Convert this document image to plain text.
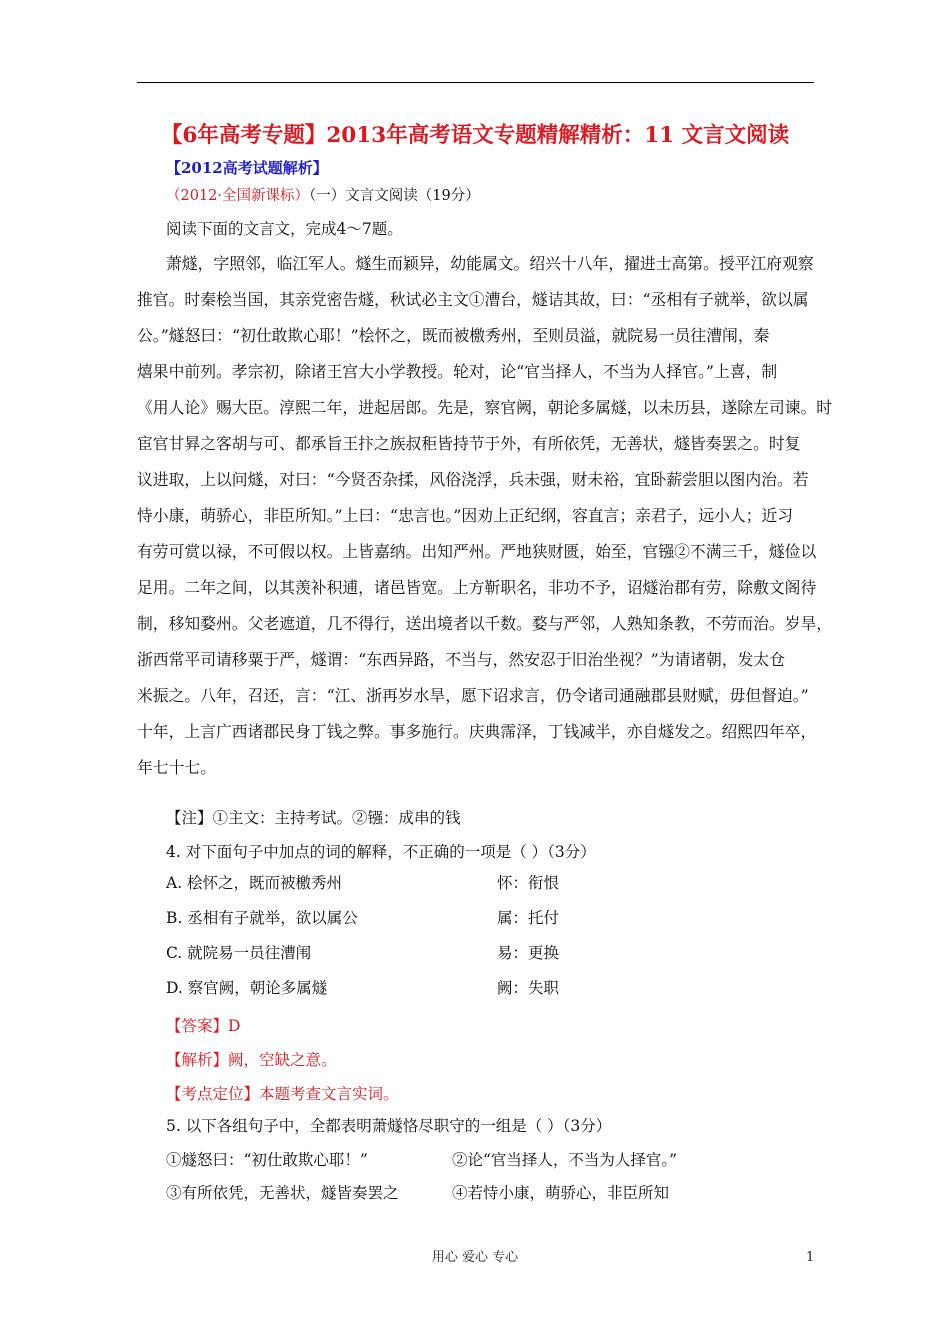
【6年高考专题】2013年高考语文专题精解精析：11 文言文阅读
【2012高考试题解析】
（2012·全国新课标）（一）文言文阅读（19分）
阅读下面的文言文，完成4～7题。
萧燧，字照邻，临江军人。燧生而颖异，幼能属文。绍兴十八年，擢进士高第。授平江府观察
推官。时秦桧当国，其亲党密告燧，秋试必主文①漕台，燧诘其故，曰：“丞相有子就举，欲以属
公。”燧怒曰：“初仕敢欺心耶！”桧怀之，既而被檄秀州，至则员溢，就院易一员往漕闱，秦
熺果中前列。孝宗初，除诸王宫大小学教授。轮对，论“官当择人，不当为人择官。”上喜，制
《用人论》赐大臣。淳熙二年，进起居郎。先是，察官阙，朝论多属燧，以未历县，遂除左司谏。时
宦官甘昪之客胡与可、都承旨王抃之族叔秬皆持节于外，有所依凭，无善状，燧皆奏罢之。时复
议进取，上以问燧，对曰：“今贤否杂揉，风俗浇浮，兵未强，财未裕，宜卧薪尝胆以图内治。若
恃小康，萌骄心，非臣所知。”上曰：“忠言也。”因劝上正纪纲，容直言；亲君子，远小人；近习
有劳可赏以禄，不可假以权。上皆嘉纳。出知严州。严地狭财匮，始至，官镪②不满三千，燧俭以
足用。二年之间，以其羡补积逋，诸邑皆宽。上方靳职名，非功不予，诏燧治郡有劳，除敷文阁待
制，移知婺州。父老遮道，几不得行，送出境者以千数。婺与严邻，人熟知条教，不劳而治。岁旱，
浙西常平司请移粟于严，燧谓：“东西异路，不当与，然安忍于旧治坐视？”为请诸朝，发太仓
米振之。八年，召还，言：“江、浙再岁水旱，愿下诏求言，仍令诸司通融郡县财赋，毋但督迫。”
十年，上言广西诸郡民身丁钱之弊。事多施行。庆典霈泽，丁钱减半，亦自燧发之。绍熙四年卒，
年七十七。
【注】①主文：主持考试。②镪：成串的钱
4. 对下面句子中加点的词的解释，不正确的一项是（ ）（3分）
A. 桧怀之，既而被檄秀州	怀：衔恨
B. 丞相有子就举，欲以属公	属：托付
C. 就院易一员往漕闱	易：更换
D. 察官阙，朝论多属燧	阙：失职
【答案】D
【解析】阙，空缺之意。
【考点定位】本题考查文言实词。
5. 以下各组句子中，全都表明萧燧恪尽职守的一组是（ ）（3分）
①燧怒曰：“初仕敢欺心耶！”	②论“官当择人，不当为人择官。”
③有所依凭，无善状，燧皆奏罢之	④若恃小康，萌骄心，非臣所知
用心 爱心 专心	1
